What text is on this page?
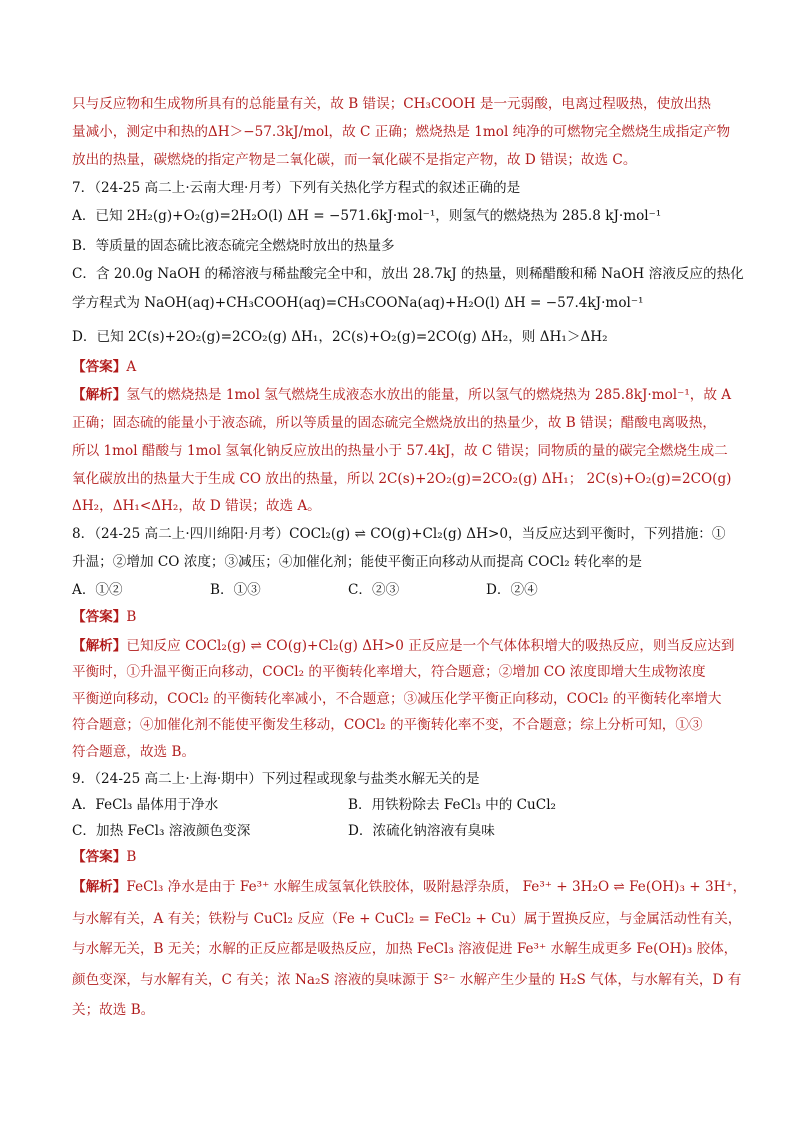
只与反应物和生成物所具有的总能量有关，故 B 错误；CH₃COOH 是一元弱酸，电离过程吸热，使放出热
量减小，测定中和热的ΔH＞−57.3kJ/mol，故 C 正确；燃烧热是 1mol 纯净的可燃物完全燃烧生成指定产物
放出的热量，碳燃烧的指定产物是二氧化碳，而一氧化碳不是指定产物，故 D 错误；故选 C。
7．（24-25 高二上·云南大理·月考）下列有关热化学方程式的叙述正确的是
A．已知 2H₂(g)+O₂(g)=2H₂O(l) ΔH = −571.6kJ·mol⁻¹，则氢气的燃烧热为 285.8 kJ·mol⁻¹
B．等质量的固态硫比液态硫完全燃烧时放出的热量多
C．含 20.0g NaOH 的稀溶液与稀盐酸完全中和，放出 28.7kJ 的热量，则稀醋酸和稀 NaOH 溶液反应的热化
学方程式为 NaOH(aq)+CH₃COOH(aq)=CH₃COONa(aq)+H₂O(l) ΔH = −57.4kJ·mol⁻¹
D．已知 2C(s)+2O₂(g)=2CO₂(g) ΔH₁，2C(s)+O₂(g)=2CO(g) ΔH₂，则 ΔH₁＞ΔH₂
【答案】A
【解析】氢气的燃烧热是 1mol 氢气燃烧生成液态水放出的能量，所以氢气的燃烧热为 285.8kJ·mol⁻¹，故 A
正确；固态硫的能量小于液态硫，所以等质量的固态硫完全燃烧放出的热量少，故 B 错误；醋酸电离吸热，
所以 1mol 醋酸与 1mol 氢氧化钠反应放出的热量小于 57.4kJ，故 C 错误；同物质的量的碳完全燃烧生成二
氧化碳放出的热量大于生成 CO 放出的热量，所以 2C(s)+2O₂(g)=2CO₂(g) ΔH₁； 2C(s)+O₂(g)=2CO(g)
ΔH₂，ΔH₁<ΔH₂，故 D 错误；故选 A。
8．（24-25 高二上·四川绵阳·月考）COCl₂(g) ⇌ CO(g)+Cl₂(g) ΔH>0，当反应达到平衡时，下列措施：①
升温；②增加 CO 浓度；③减压；④加催化剂；能使平衡正向移动从而提高 COCl₂ 转化率的是
A．①②	B．①③	C．②③	D．②④
【答案】B
【解析】已知反应 COCl₂(g) ⇌ CO(g)+Cl₂(g) ΔH>0 正反应是一个气体体积增大的吸热反应，则当反应达到
平衡时，①升温平衡正向移动，COCl₂ 的平衡转化率增大，符合题意；②增加 CO 浓度即增大生成物浓度
平衡逆向移动，COCl₂ 的平衡转化率减小，不合题意；③减压化学平衡正向移动，COCl₂ 的平衡转化率增大
符合题意；④加催化剂不能使平衡发生移动，COCl₂ 的平衡转化率不变，不合题意；综上分析可知，①③
符合题意，故选 B。
9．（24-25 高二上·上海·期中）下列过程或现象与盐类水解无关的是
A．FeCl₃ 晶体用于净水	B．用铁粉除去 FeCl₃ 中的 CuCl₂
C．加热 FeCl₃ 溶液颜色变深	D．浓硫化钠溶液有臭味
【答案】B
【解析】FeCl₃ 净水是由于 Fe³⁺ 水解生成氢氧化铁胶体，吸附悬浮杂质， Fe³⁺ + 3H₂O ⇌ Fe(OH)₃ + 3H⁺，
与水解有关，A 有关；铁粉与 CuCl₂ 反应（Fe + CuCl₂ = FeCl₂ + Cu）属于置换反应，与金属活动性有关，
与水解无关，B 无关；水解的正反应都是吸热反应，加热 FeCl₃ 溶液促进 Fe³⁺ 水解生成更多 Fe(OH)₃ 胶体，
颜色变深，与水解有关，C 有关；浓 Na₂S 溶液的臭味源于 S²⁻ 水解产生少量的 H₂S 气体，与水解有关，D 有
关；故选 B。
